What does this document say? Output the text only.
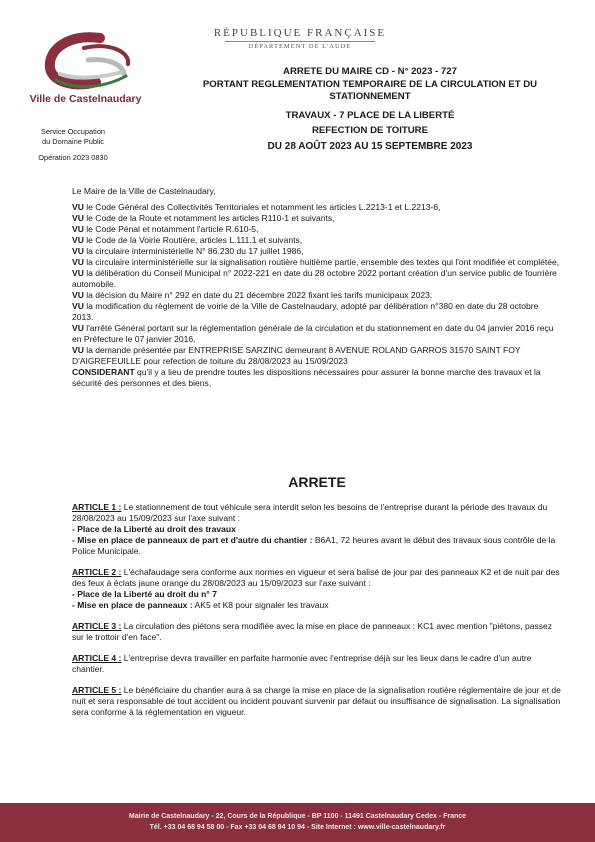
Ville de Castelnaudary
RÉPUBLIQUE FRANÇAISE
DÉPARTEMENT DE L'AUDE
ARRETE DU MAIRE CD - N° 2023 - 727
PORTANT REGLEMENTATION TEMPORAIRE DE LA CIRCULATION ET DU
STATIONNEMENT
TRAVAUX - 7 PLACE DE LA LIBERTÉ
REFECTION DE TOITURE
DU 28 AOÛT 2023 AU 15 SEPTEMBRE 2023
Service Occupation
du Domaine Public
Opération 2023 0830

Le Maire de la Ville de Castelnaudary,

VU le Code Général des Collectivités Territoriales et notamment les articles L.2213-1 et L.2213-6,

VU le Code de la Route et notamment les articles R110-1 et suivants,

VU le Code Pénal et notamment l'article R.610-5,

VU le Code de la Voirie Routière, articles L.111.1 et suivants,

VU la circulaire interministérielle N° 86.230 du 17 juillet 1986,

VU la circulaire interministérielle sur la signalisation routière huitième partie, ensemble des textes qui l'ont modifiée et complétée,

VU la délibération du Conseil Municipal n° 2022-221 en date du 28 octobre 2022 portant création d'un service public de fourrière automobile.

VU la décision du Maire n° 292 en date du 21 décembre 2022 fixant les tarifs municipaux 2023.

VU la modification du règlement de voirie de la Ville de Castelnaudary, adopté par délibération n°380 en date du 28 octobre 2013.

VU l'arrêté Général portant sur la réglementation générale de la circulation et du stationnement en date du 04 janvier 2016 reçu en Préfecture le 07 janvier 2016,

VU la demande présentée par ENTREPRISE SARZINC demeurant 8 AVENUE ROLAND GARROS 31570 SAINT FOY D'AIGREFEUILLE pour refection de toiture du 28/08/2023 au 15/09/2023

CONSIDERANT qu'il y a lieu de prendre toutes les dispositions nécessaires pour assurer la bonne marche des travaux et la sécurité des personnes et des biens,

ARRETE

ARTICLE 1 : Le stationnement de tout véhicule sera interdit selon les besoins de l'entreprise durant la période des travaux du 28/08/2023 au 15/09/2023 sur l'axe suivant :

- Place de la Liberté au droit des travaux

- Mise en place de panneaux de part et d'autre du chantier : B6A1, 72 heures avant le début des travaux sous contrôle de la Police Municipale.

ARTICLE 2 : L'échafaudage sera conforme aux normes en vigueur et sera balisé de jour par des panneaux K2 et de nuit par des des feux à éclats jaune orange du 28/08/2023 au 15/09/2023 sur l'axe suivant :

- Place de la Liberté au droit du n° 7

- Mise en place de panneaux : AK5 et K8 pour signaler les travaux

ARTICLE 3 : La circulation des piétons sera modifiée avec la mise en place de panneaux : KC1 avec mention "piétons, passez sur le trottoir d'en face".

ARTICLE 4 : L'entreprise devra travailler en parfaite harmonie avec l'entreprise déjà sur les lieux dans le cadre d'un autre chantier.

ARTICLE 5 : Le bénéficiaire du chantier aura à sa charge la mise en place de la signalisation routière réglementaire de jour et de nuit et sera responsable de tout accident ou incident pouvant survenir par défaut ou insuffisance de signalisation. La signalisation sera conforme à la réglementation en vigueur.

Mairie de Castelnaudary - 22, Cours de la République - BP 1100 - 11491 Castelnaudary Cedex - France
Tél. +33 04 68 94 58 00 - Fax +33 04 68 94 10 94 - Site Internet : www.ville-castelnaudary.fr
